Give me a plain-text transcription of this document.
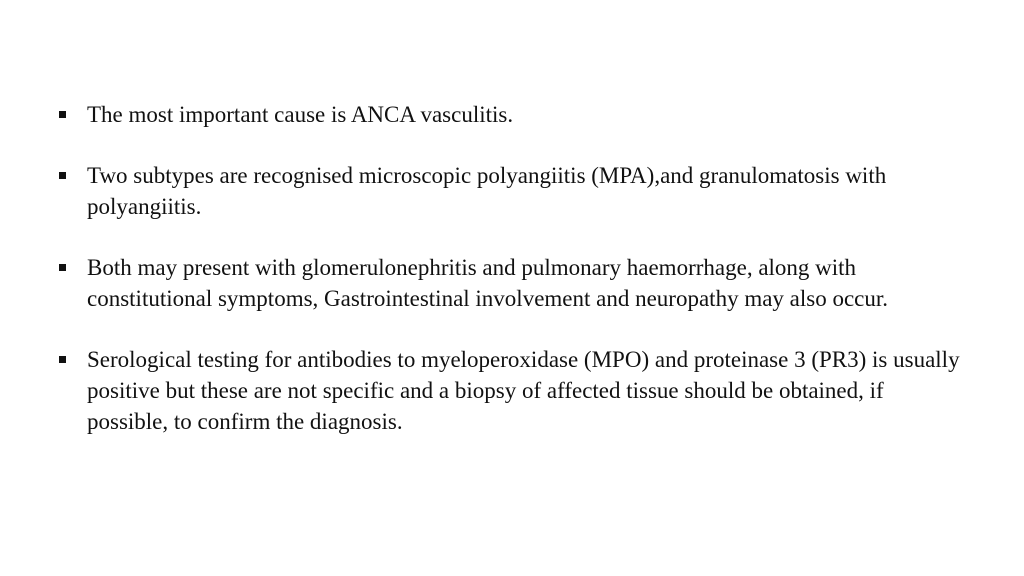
The most important cause is ANCA vasculitis.
Two subtypes are recognised microscopic polyangiitis (MPA),and granulomatosis with polyangiitis.
Both may present with glomerulonephritis and pulmonary haemorrhage, along with constitutional symptoms, Gastrointestinal involvement and neuropathy may also occur.
Serological testing for antibodies to myeloperoxidase (MPO) and proteinase 3 (PR3) is usually positive but these are not specific and a biopsy of affected tissue should be obtained, if possible, to confirm the diagnosis.
